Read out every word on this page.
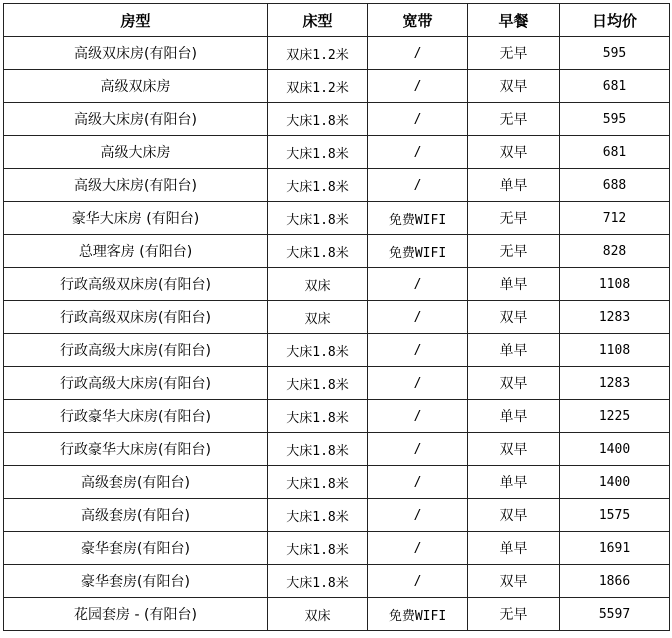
房型	床型	宽带	早餐	日均价
高级双床房(有阳台)	双床1.2米	/	无早	595
高级双床房	双床1.2米	/	双早	681
高级大床房(有阳台)	大床1.8米	/	无早	595
高级大床房	大床1.8米	/	双早	681
高级大床房(有阳台)	大床1.8米	/	单早	688
豪华大床房 (有阳台)	大床1.8米	免费WIFI	无早	712
总理客房 (有阳台)	大床1.8米	免费WIFI	无早	828
行政高级双床房(有阳台)	双床	/	单早	1108
行政高级双床房(有阳台)	双床	/	双早	1283
行政高级大床房(有阳台)	大床1.8米	/	单早	1108
行政高级大床房(有阳台)	大床1.8米	/	双早	1283
行政豪华大床房(有阳台)	大床1.8米	/	单早	1225
行政豪华大床房(有阳台)	大床1.8米	/	双早	1400
高级套房(有阳台)	大床1.8米	/	单早	1400
高级套房(有阳台)	大床1.8米	/	双早	1575
豪华套房(有阳台)	大床1.8米	/	单早	1691
豪华套房(有阳台)	大床1.8米	/	双早	1866
花园套房 - (有阳台)	双床	免费WIFI	无早	5597
